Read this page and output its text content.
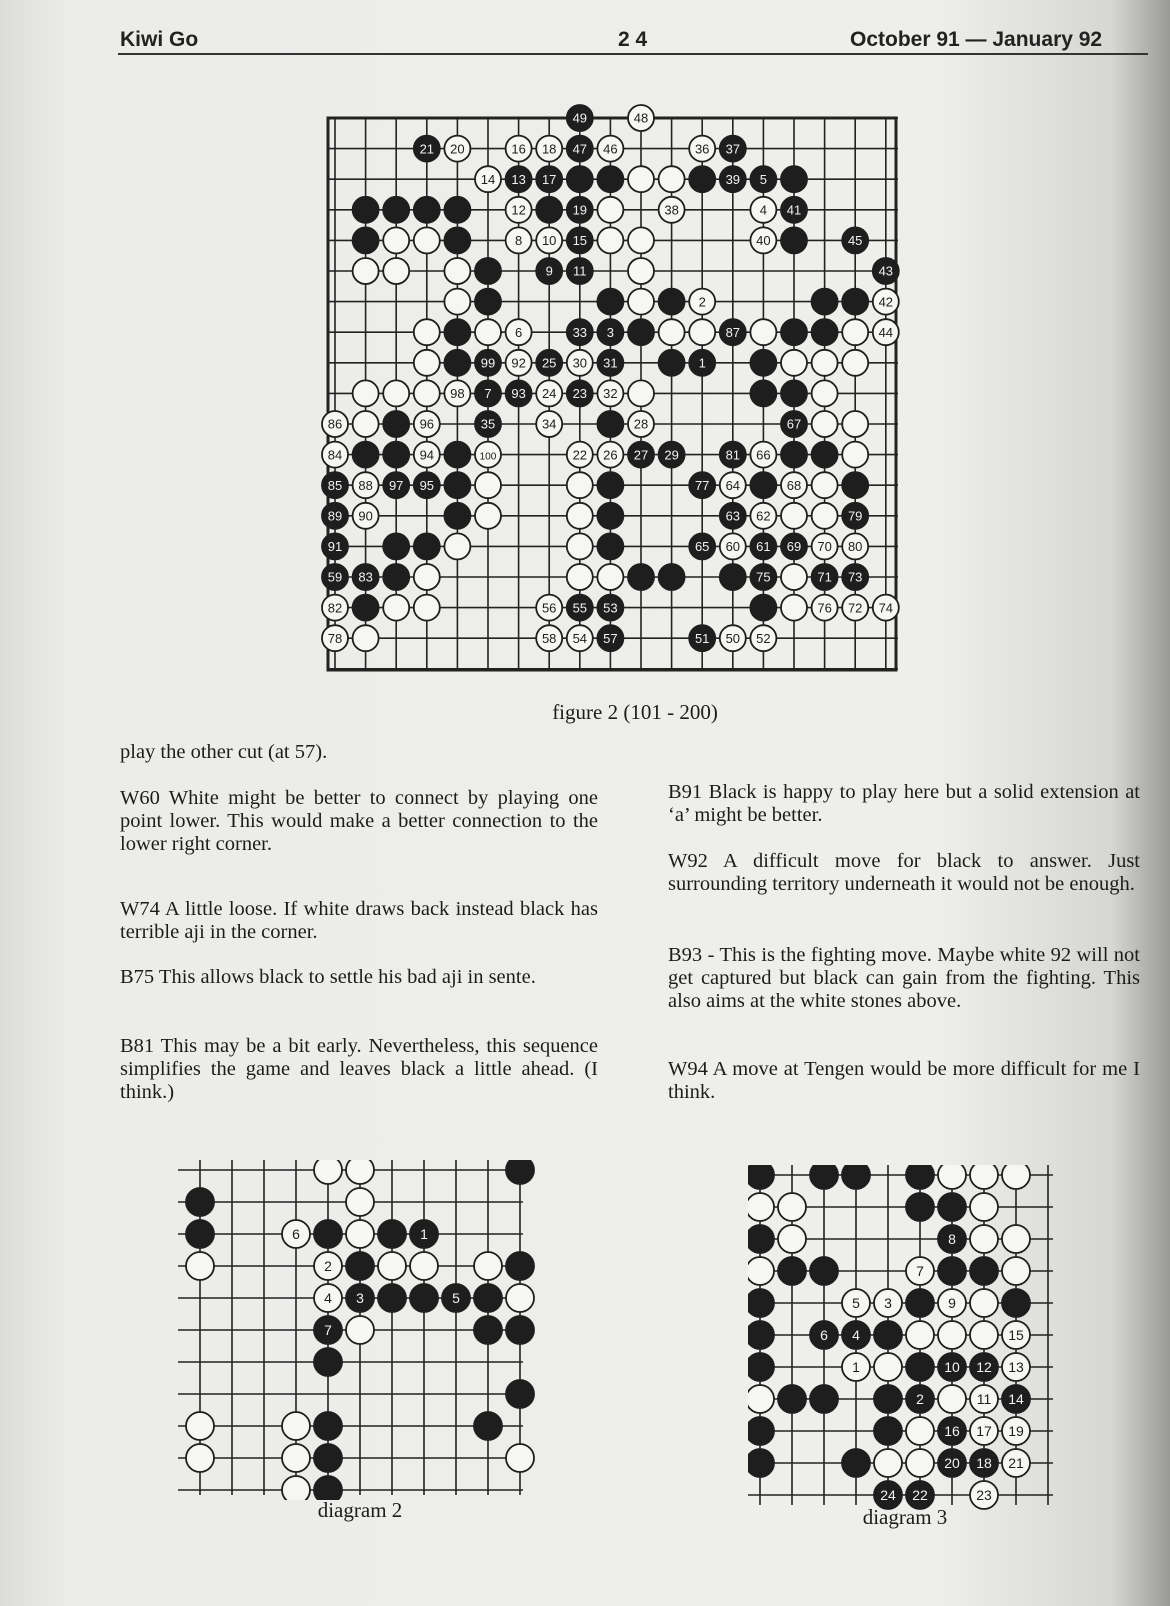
Kiwi Go	2 4	October 91 — January 92
49	48
21 20	16 18 47 46	36 37
14 13 17	39 5
12	19	38	4 41
8 10 15	40	45
9 11	43
2	42
6	33 3	87	44
99 92 25 30 31	1
98 7 93 24 23 32
86	96	35	34	28	67
84	94	100	22 26 27 29	81 66
85 88 97 95	77 64	68
89 90	63 62	79
91	65 60 61 69 70 80
59 83	75	71 73
82	56 55 53	76 72 74
78	58 54 57	51 50 52
figure 2 (101 - 200)
play the other cut (at 57).
W60 White might be better to connect by playing one point lower. This would make a better connection to the lower right corner.
W74 A little loose. If white draws back instead black has terrible aji in the corner.
B75 This allows black to settle his bad aji in sente.
B81 This may be a bit early. Nevertheless, this sequence simplifies the game and leaves black a little ahead. (I think.)
B91 Black is happy to play here but a solid extension at ‘a’ might be better.
W92 A difficult move for black to answer. Just surrounding territory underneath it would not be enough.
B93 - This is the fighting move. Maybe white 92 will not get captured but black can gain from the fighting. This also aims at the white stones above.
W94 A move at Tengen would be more difficult for me I think.
6	1
2
4 3	5
7
diagram 2
8
7
5 3	9
6 4	15
1	10 12 13
2	11 14
16 17 19
20 18 21
24 22	23
diagram 3
